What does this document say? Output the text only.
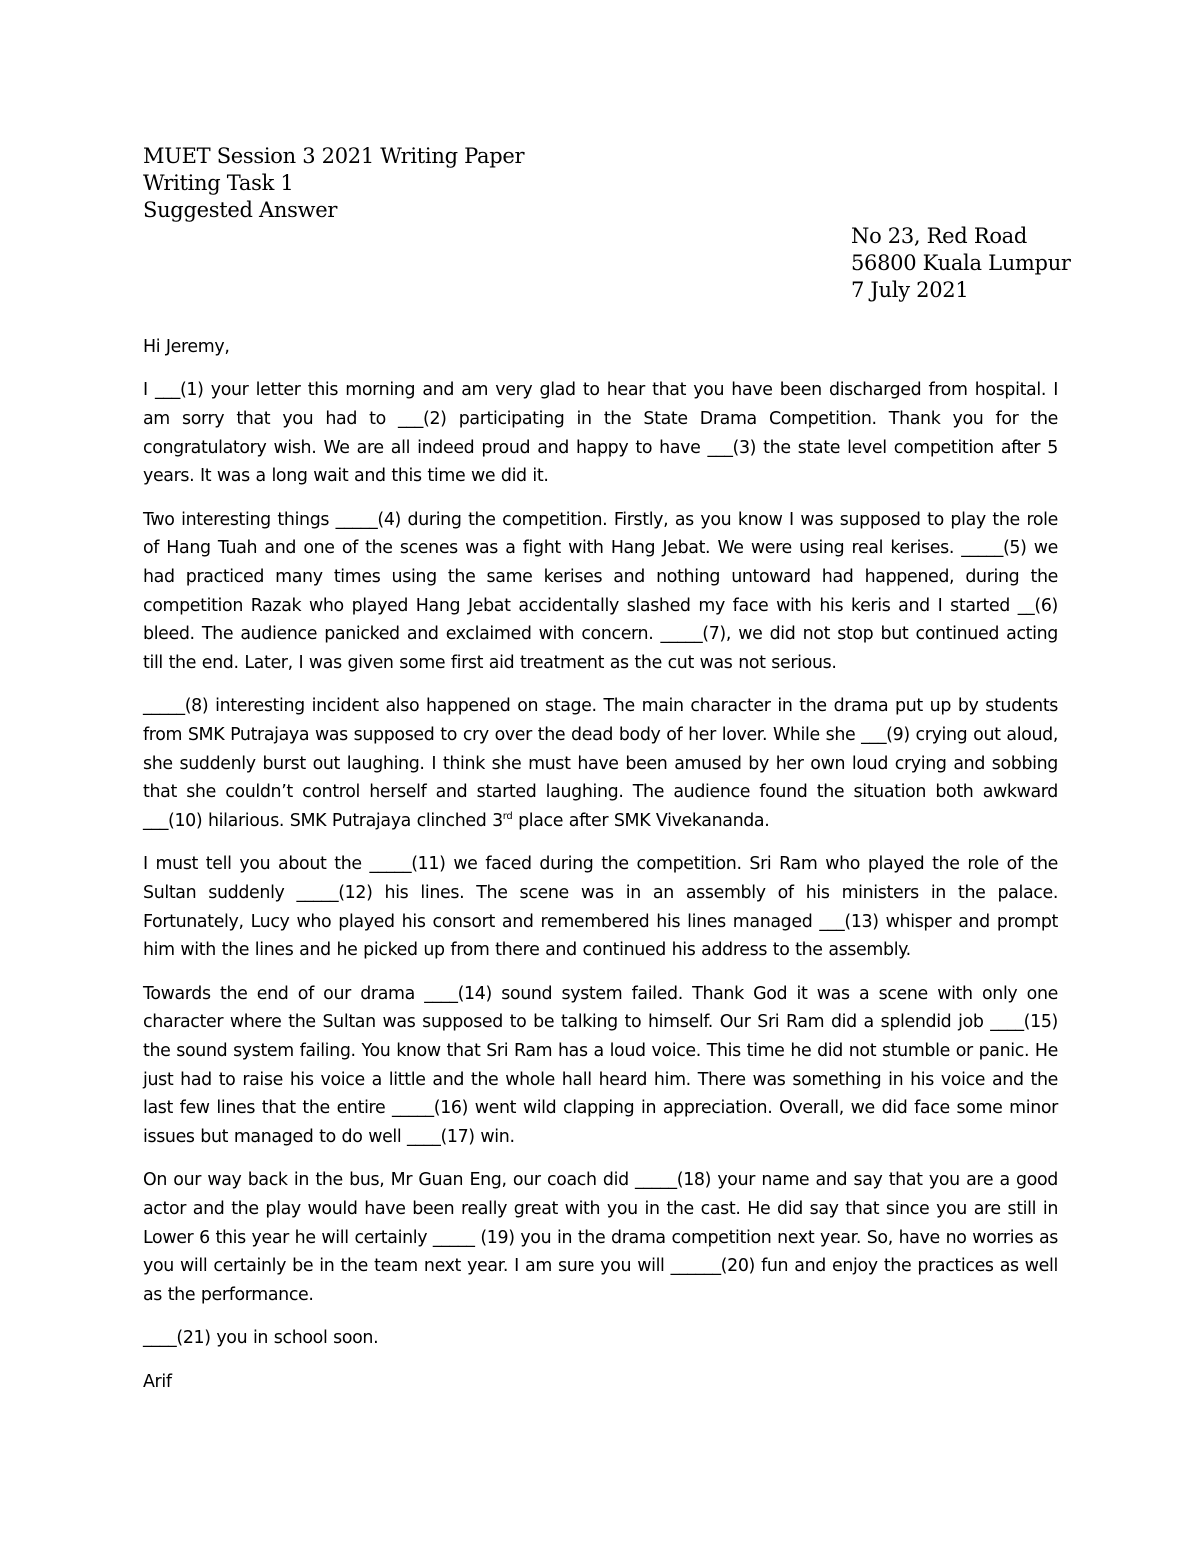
MUET Session 3 2021 Writing Paper
Writing Task 1
Suggested Answer
No 23, Red Road
56800 Kuala Lumpur
7 July 2021

Hi Jeremy,

I ___(1) your letter this morning and am very glad to hear that you have been discharged from hospital. I am sorry that you had to ___(2) participating in the State Drama Competition. Thank you for the congratulatory wish. We are all indeed proud and happy to have ___(3) the state level competition after 5 years. It was a long wait and this time we did it.

Two interesting things _____(4) during the competition. Firstly, as you know I was supposed to play the role of Hang Tuah and one of the scenes was a fight with Hang Jebat. We were using real kerises. _____(5) we had practiced many times using the same kerises and nothing untoward had happened, during the competition Razak who played Hang Jebat accidentally slashed my face with his keris and I started __(6) bleed. The audience panicked and exclaimed with concern. _____(7), we did not stop but continued acting till the end. Later, I was given some first aid treatment as the cut was not serious.

_____(8) interesting incident also happened on stage. The main character in the drama put up by students from SMK Putrajaya was supposed to cry over the dead body of her lover. While she ___(9) crying out aloud, she suddenly burst out laughing. I think she must have been amused by her own loud crying and sobbing that she couldn’t control herself and started laughing. The audience found the situation both awkward ___(10) hilarious. SMK Putrajaya clinched 3rd place after SMK Vivekananda.

I must tell you about the _____(11) we faced during the competition. Sri Ram who played the role of the Sultan suddenly _____(12) his lines. The scene was in an assembly of his ministers in the palace. Fortunately, Lucy who played his consort and remembered his lines managed ___(13) whisper and prompt him with the lines and he picked up from there and continued his address to the assembly.

Towards the end of our drama ____(14) sound system failed. Thank God it was a scene with only one character where the Sultan was supposed to be talking to himself. Our Sri Ram did a splendid job ____(15) the sound system failing. You know that Sri Ram has a loud voice. This time he did not stumble or panic. He just had to raise his voice a little and the whole hall heard him. There was something in his voice and the last few lines that the entire _____(16) went wild clapping in appreciation. Overall, we did face some minor issues but managed to do well ____(17) win.

On our way back in the bus, Mr Guan Eng, our coach did _____(18) your name and say that you are a good actor and the play would have been really great with you in the cast. He did say that since you are still in Lower 6 this year he will certainly _____ (19) you in the drama competition next year. So, have no worries as you will certainly be in the team next year. I am sure you will ______(20) fun and enjoy the practices as well as the performance.

____(21) you in school soon.

Arif
